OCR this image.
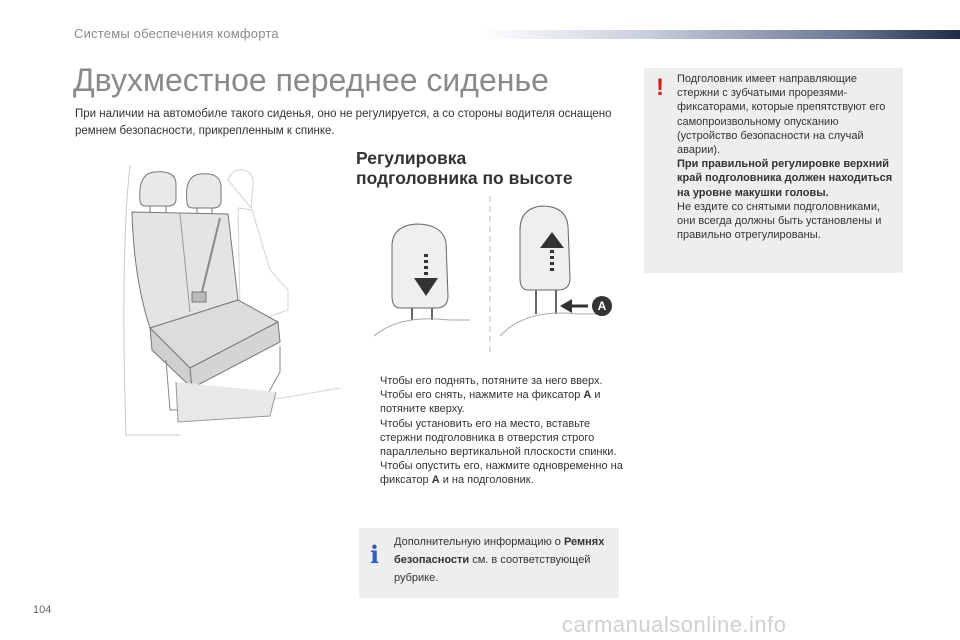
Системы обеспечения комфорта
Двухместное переднее сиденье
При наличии на автомобиле такого сиденья, оно не регулируется, а со стороны водителя оснащено ремнем безопасности, прикрепленным к спинке.
Регулировка
подголовника по высоте
A
Чтобы его поднять, потяните за него вверх.
Чтобы его снять, нажмите на фиксатор A и потяните кверху.
Чтобы установить его на место, вставьте стержни подголовника в отверстия строго параллельно вертикальной плоскости спинки.
Чтобы опустить его, нажмите одновременно на фиксатор A и на подголовник.
i Дополнительную информацию о Ремнях безопасности см. в соответствующей рубрике.
! Подголовник имеет направляющие стержни с зубчатыми прорезями-фиксаторами, которые препятствуют его самопроизвольному опусканию (устройство безопасности на случай аварии).
При правильной регулировке верхний край подголовника должен находиться на уровне макушки головы.
Не ездите со снятыми подголовниками, они всегда должны быть установлены и правильно отрегулированы.
104
carmanualsonline.info
